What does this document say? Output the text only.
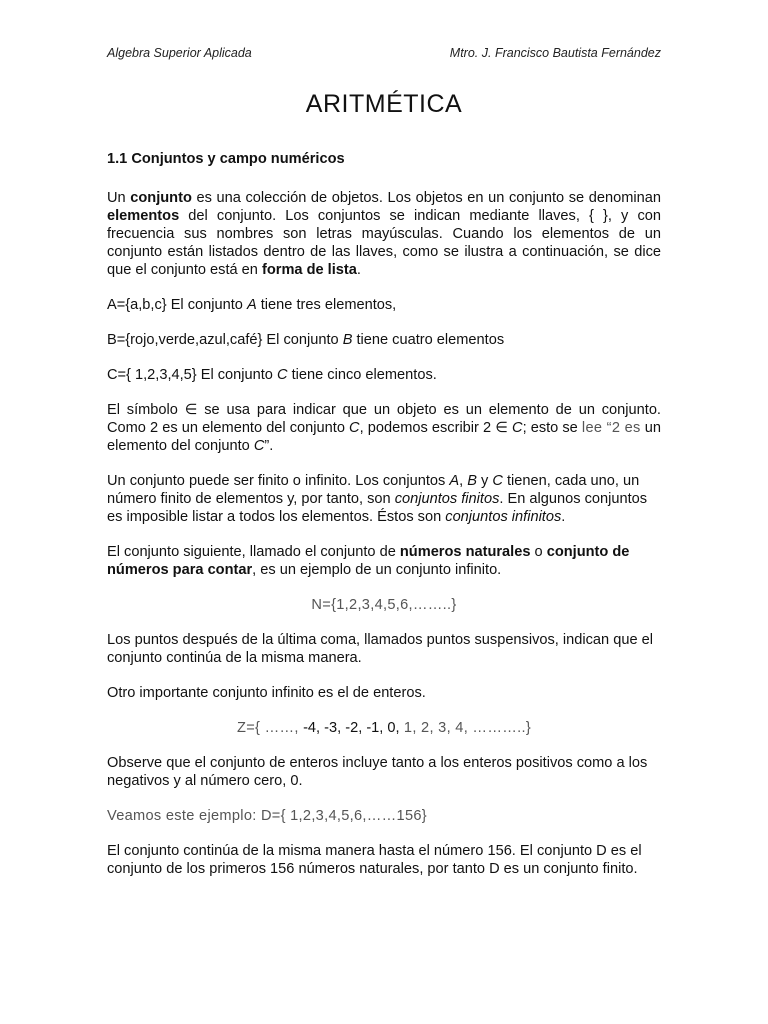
Algebra Superior Aplicada	Mtro. J. Francisco Bautista Fernández
ARITMÉTICA

1.1 Conjuntos y campo numéricos

Un conjunto es una colección de objetos. Los objetos en un conjunto se denominan elementos del conjunto. Los conjuntos se indican mediante llaves, { }, y con frecuencia sus nombres son letras mayúsculas. Cuando los elementos de un conjunto están listados dentro de las llaves, como se ilustra a continuación, se dice que el conjunto está en forma de lista.

A={a,b,c} El conjunto A tiene tres elementos,

B={rojo,verde,azul,café} El conjunto B tiene cuatro elementos

C={ 1,2,3,4,5} El conjunto C tiene cinco elementos.

El símbolo ∈ se usa para indicar que un objeto es un elemento de un conjunto. Como 2 es un elemento del conjunto C, podemos escribir 2 ∈ C; esto se lee “2 es un elemento del conjunto C”.

Un conjunto puede ser finito o infinito. Los conjuntos A, B y C tienen, cada uno, un número finito de elementos y, por tanto, son conjuntos finitos. En algunos conjuntos es imposible listar a todos los elementos. Éstos son conjuntos infinitos.

El conjunto siguiente, llamado el conjunto de números naturales o conjunto de números para contar, es un ejemplo de un conjunto infinito.

N={1,2,3,4,5,6,……..}

Los puntos después de la última coma, llamados puntos suspensivos, indican que el conjunto continúa de la misma manera.

Otro importante conjunto infinito es el de enteros.

Z={ ……, -4, -3, -2, -1, 0, 1, 2, 3, 4, ………..}

Observe que el conjunto de enteros incluye tanto a los enteros positivos como a los negativos y al número cero, 0.

Veamos este ejemplo: D={ 1,2,3,4,5,6,……156}

El conjunto continúa de la misma manera hasta el número 156. El conjunto D es el conjunto de los primeros 156 números naturales, por tanto D es un conjunto finito.
